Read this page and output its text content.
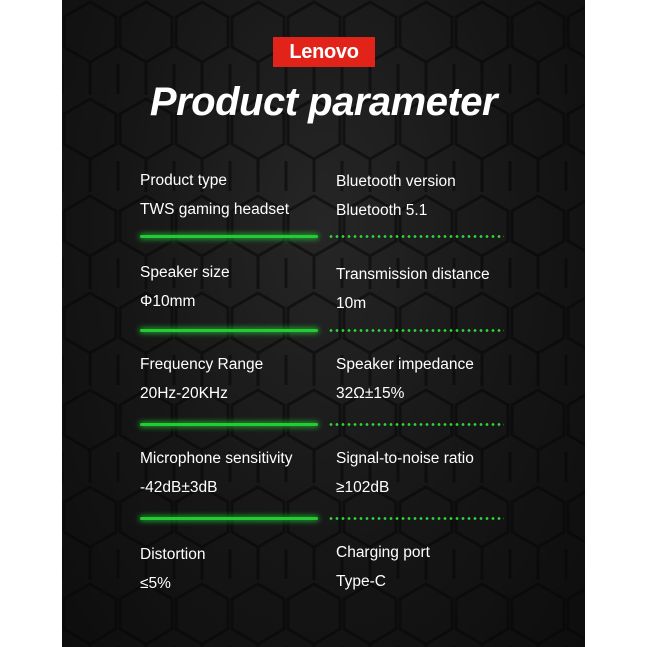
Lenovo
Product parameter
Product type
TWS gaming headset
Bluetooth version
Bluetooth 5.1
Speaker size
Φ10mm
Transmission distance
10m
Frequency Range
20Hz-20KHz
Speaker impedance
32Ω±15%
Microphone sensitivity
-42dB±3dB
Signal-to-noise ratio
≥102dB
Distortion
≤5%
Charging port
Type-C
